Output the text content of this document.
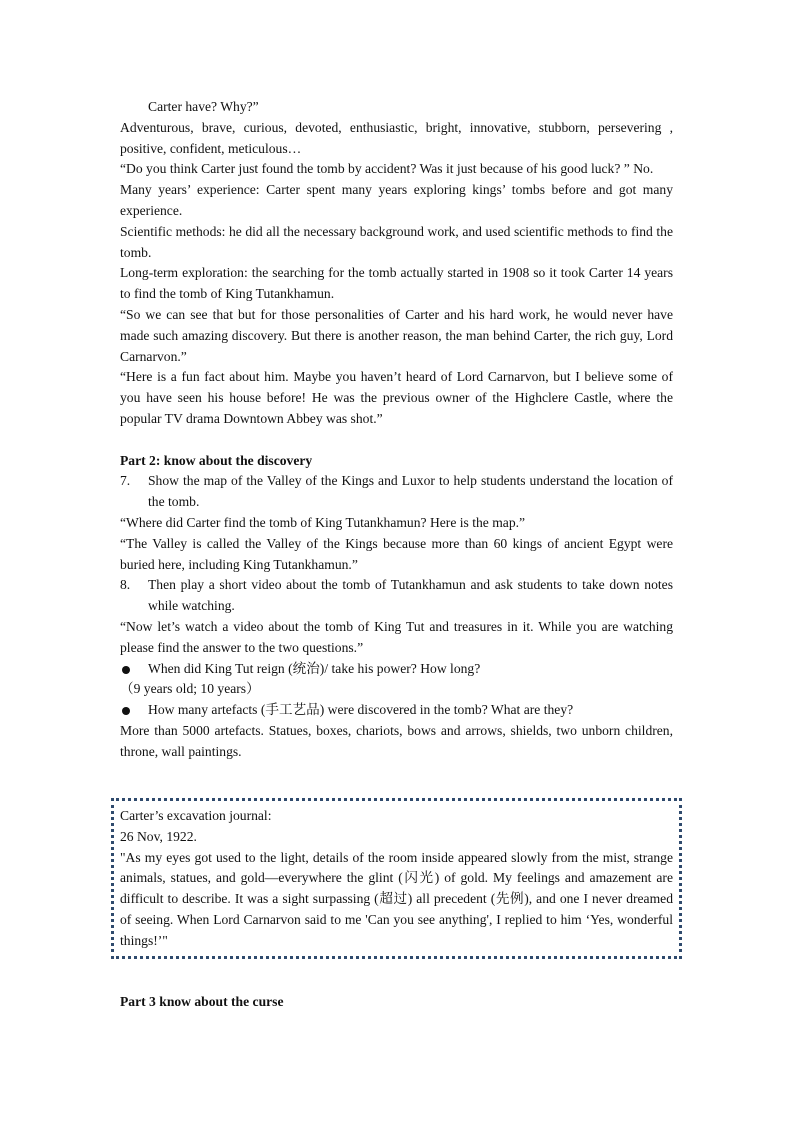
Carter have? Why?”

Adventurous, brave, curious, devoted, enthusiastic, bright, innovative, stubborn, persevering , positive, confident, meticulous…

“Do you think Carter just found the tomb by accident? Was it just because of his good luck? ” No.

Many years’ experience: Carter spent many years exploring kings’ tombs before and got many experience.

Scientific methods: he did all the necessary background work, and used scientific methods to find the tomb.

Long-term exploration: the searching for the tomb actually started in 1908 so it took Carter 14 years to find the tomb of King Tutankhamun.

“So we can see that but for those personalities of Carter and his hard work, he would never have made such amazing discovery. But there is another reason, the man behind Carter, the rich guy, Lord Carnarvon.”

“Here is a fun fact about him. Maybe you haven’t heard of Lord Carnarvon, but I believe some of you have seen his house before! He was the previous owner of the Highclere Castle, where the popular TV drama Downtown Abbey was shot.”

Part 2: know about the discovery

7.	Show the map of the Valley of the Kings and Luxor to help students understand the location of the tomb.

“Where did Carter find the tomb of King Tutankhamun? Here is the map.”

“The Valley is called the Valley of the Kings because more than 60 kings of ancient Egypt were buried here, including King Tutankhamun.”

8.	Then play a short video about the tomb of Tutankhamun and ask students to take down notes while watching.

“Now let’s watch a video about the tomb of King Tut and treasures in it. While you are watching please find the answer to the two questions.”

When did King Tut reign (统治)/ take his power? How long?

（9 years old; 10 years）

How many artefacts (手工艺品) were discovered in the tomb? What are they?

More than 5000 artefacts. Statues, boxes, chariots, bows and arrows, shields, two unborn children, throne, wall paintings.

Carter’s excavation journal:

26 Nov, 1922.

"As my eyes got used to the light, details of the room inside appeared slowly from the mist, strange animals, statues, and gold—everywhere the glint (闪光) of gold. My feelings and amazement are difficult to describe. It was a sight surpassing (超过) all precedent (先例), and one I never dreamed of seeing. When Lord Carnarvon said to me 'Can you see anything', I replied to him ‘Yes, wonderful things!’"

Part 3 know about the curse
